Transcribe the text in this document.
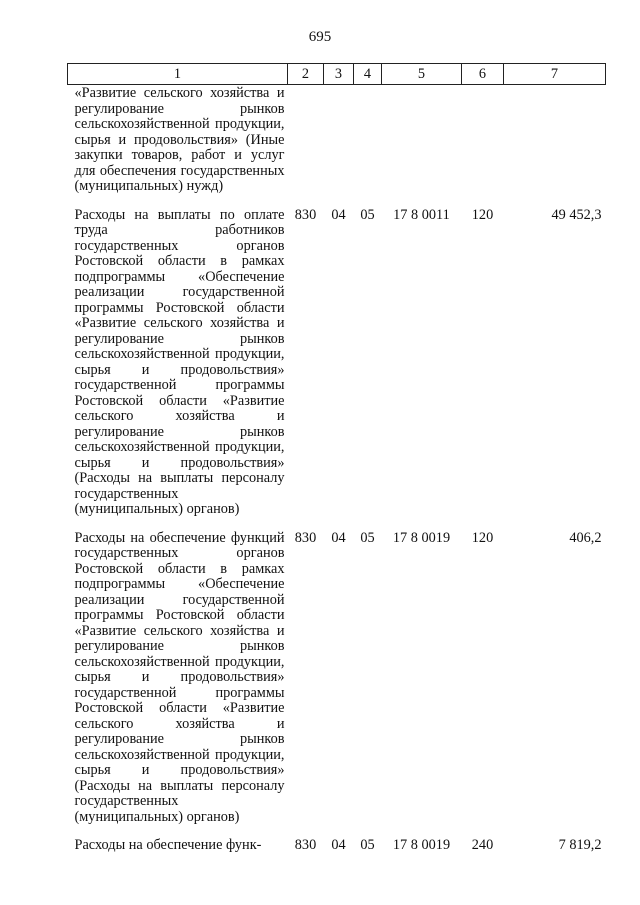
695
1	2	3	4	5	6	7
«Развитие сельского хозяйства и регулирование рынков сельскохозяйственной продукции, сырья и продовольствия» (Иные закупки товаров, работ и услуг для обеспечения государственных (муниципальных) нужд)						
Расходы на выплаты по оплате труда работников государственных органов Ростовской области в рамках подпрограммы «Обеспечение реализации государственной программы Ростовской области «Развитие сельского хозяйства и регулирование рынков сельскохозяйственной продукции, сырья и продовольствия» государственной программы Ростовской области «Развитие сельского хозяйства и регулирование рынков сельскохозяйственной продукции, сырья и продовольствия» (Расходы на выплаты персоналу государственных (муниципальных) органов)	830	04	05	17 8 0011	120	49 452,3
Расходы на обеспечение функций государственных органов Ростовской области в рамках подпрограммы «Обеспечение реализации государственной программы Ростовской области «Развитие сельского хозяйства и регулирование рынков сельскохозяйственной продукции, сырья и продовольствия» государственной программы Ростовской области «Развитие сельского хозяйства и регулирование рынков сельскохозяйственной продукции, сырья и продовольствия» (Расходы на выплаты персоналу государственных (муниципальных) органов)	830	04	05	17 8 0019	120	406,2
Расходы на обеспечение функ-	830	04	05	17 8 0019	240	7 819,2
